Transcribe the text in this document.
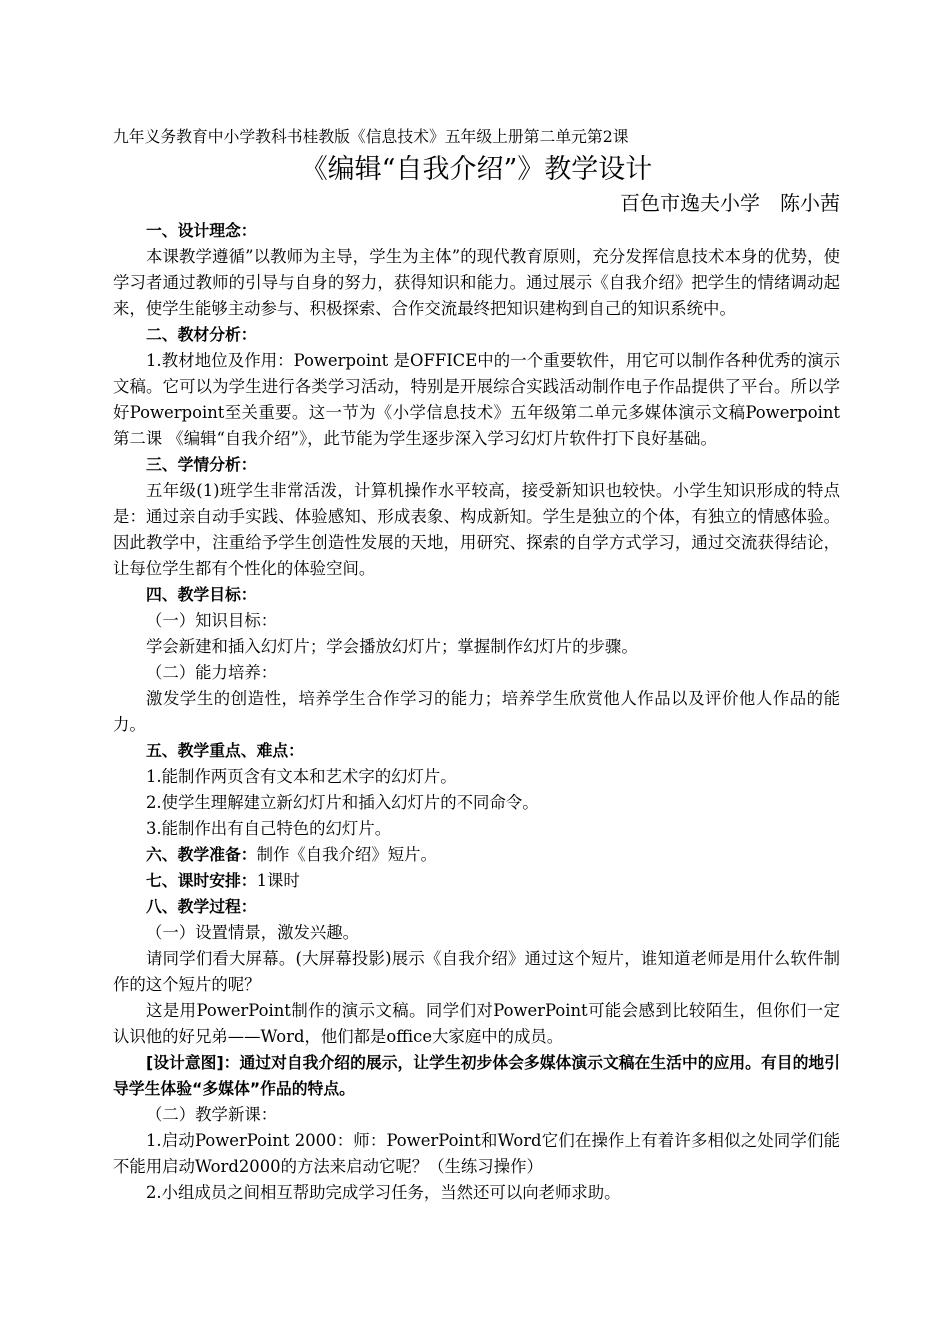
九年义务教育中小学教科书桂教版《信息技术》五年级上册第二单元第2课

《编辑“自我介绍”》教学设计

百色市逸夫小学　陈小茜

一、设计理念：

本课教学遵循”以教师为主导，学生为主体”的现代教育原则，充分发挥信息技术本身的优势，使学习者通过教师的引导与自身的努力，获得知识和能力。通过展示《自我介绍》把学生的情绪调动起来，使学生能够主动参与、积极探索、合作交流最终把知识建构到自己的知识系统中。

二、教材分析：

1.教材地位及作用：Powerpoint 是OFFICE中的一个重要软件，用它可以制作各种优秀的演示文稿。它可以为学生进行各类学习活动，特别是开展综合实践活动制作电子作品提供了平台。所以学好Powerpoint至关重要。这一节为《小学信息技术》五年级第二单元多媒体演示文稿Powerpoint 第二课 《编辑“自我介绍”》，此节能为学生逐步深入学习幻灯片软件打下良好基础。

三、学情分析：

五年级(1)班学生非常活泼，计算机操作水平较高，接受新知识也较快。小学生知识形成的特点是：通过亲自动手实践、体验感知、形成表象、构成新知。学生是独立的个体，有独立的情感体验。因此教学中，注重给予学生创造性发展的天地，用研究、探索的自学方式学习，通过交流获得结论，让每位学生都有个性化的体验空间。

四、教学目标：

（一）知识目标：

学会新建和插入幻灯片；学会播放幻灯片；掌握制作幻灯片的步骤。

（二）能力培养：

激发学生的创造性，培养学生合作学习的能力；培养学生欣赏他人作品以及评价他人作品的能力。

五、教学重点、难点：

1.能制作两页含有文本和艺术字的幻灯片。

2.使学生理解建立新幻灯片和插入幻灯片的不同命令。

3.能制作出有自己特色的幻灯片。

六、教学准备：制作《自我介绍》短片。

七、课时安排：1课时

八、教学过程：

（一）设置情景，激发兴趣。

请同学们看大屏幕。(大屏幕投影)展示《自我介绍》通过这个短片，谁知道老师是用什么软件制作的这个短片的呢？

这是用PowerPoint制作的演示文稿。同学们对PowerPoint可能会感到比较陌生，但你们一定认识他的好兄弟——Word，他们都是office大家庭中的成员。

[设计意图]：通过对自我介绍的展示，让学生初步体会多媒体演示文稿在生活中的应用。有目的地引导学生体验“多媒体”作品的特点。

（二）教学新课：

1.启动PowerPoint 2000：师：PowerPoint和Word它们在操作上有着许多相似之处同学们能不能用启动Word2000的方法来启动它呢？（生练习操作）

2.小组成员之间相互帮助完成学习任务，当然还可以向老师求助。
